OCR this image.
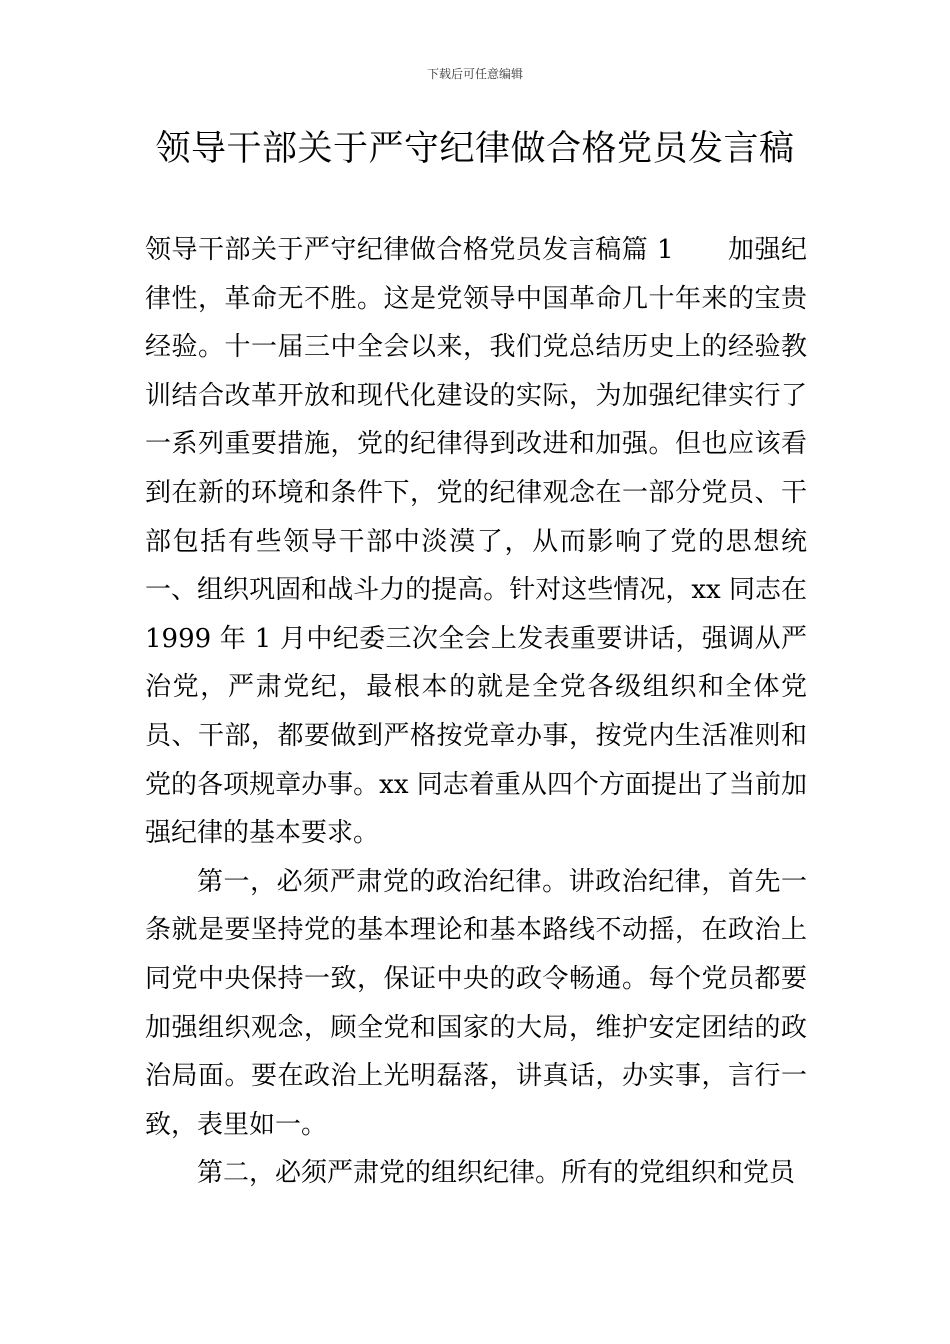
下载后可任意编辑
领导干部关于严守纪律做合格党员发言稿

领导干部关于严守纪律做合格党员发言稿篇 1 加强纪律性，革命无不胜。这是党领导中国革命几十年来的宝贵经验。十一届三中全会以来，我们党总结历史上的经验教训结合改革开放和现代化建设的实际，为加强纪律实行了一系列重要措施，党的纪律得到改进和加强。但也应该看到在新的环境和条件下，党的纪律观念在一部分党员、干部包括有些领导干部中淡漠了，从而影响了党的思想统一、组织巩固和战斗力的提高。针对这些情况，xx 同志在 1999 年 1 月中纪委三次全会上发表重要讲话，强调从严治党，严肃党纪，最根本的就是全党各级组织和全体党员、干部，都要做到严格按党章办事，按党内生活准则和党的各项规章办事。xx 同志着重从四个方面提出了当前加强纪律的基本要求。

第一，必须严肃党的政治纪律。讲政治纪律，首先一条就是要坚持党的基本理论和基本路线不动摇，在政治上同党中央保持一致，保证中央的政令畅通。每个党员都要加强组织观念，顾全党和国家的大局，维护安定团结的政治局面。要在政治上光明磊落，讲真话，办实事，言行一致，表里如一。

第二，必须严肃党的组织纪律。所有的党组织和党员
